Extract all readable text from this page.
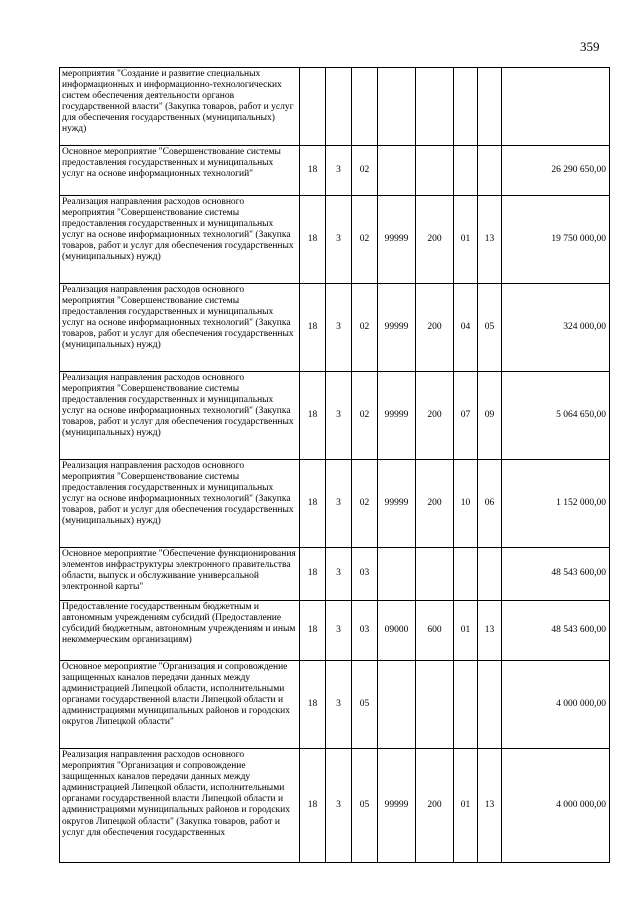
359
мероприятия "Создание и развитие специальных информационных и информационно-технологических систем обеспечения деятельности органов государственной власти" (Закупка товаров, работ и услуг для обеспечения государственных (муниципальных) нужд)								
Основное мероприятие "Совершенствование системы предоставления государственных и муниципальных услуг на основе информационных технологий"	18	3	02					26 290 650,00
Реализация направления расходов основного мероприятия "Совершенствование системы предоставления государственных и муниципальных услуг на основе информационных технологий" (Закупка товаров, работ и услуг для обеспечения государственных (муниципальных) нужд)	18	3	02	99999	200	01	13	19 750 000,00
Реализация направления расходов основного мероприятия "Совершенствование системы предоставления государственных и муниципальных услуг на основе информационных технологий" (Закупка товаров, работ и услуг для обеспечения государственных (муниципальных) нужд)	18	3	02	99999	200	04	05	324 000,00
Реализация направления расходов основного мероприятия "Совершенствование системы предоставления государственных и муниципальных услуг на основе информационных технологий" (Закупка товаров, работ и услуг для обеспечения государственных (муниципальных) нужд)	18	3	02	99999	200	07	09	5 064 650,00
Реализация направления расходов основного мероприятия "Совершенствование системы предоставления государственных и муниципальных услуг на основе информационных технологий" (Закупка товаров, работ и услуг для обеспечения государственных (муниципальных) нужд)	18	3	02	99999	200	10	06	1 152 000,00
Основное мероприятие "Обеспечение функционирования элементов инфраструктуры электронного правительства области, выпуск и обслуживание универсальной электронной карты"	18	3	03					48 543 600,00
Предоставление государственным бюджетным и автономным учреждениям субсидий (Предоставление субсидий бюджетным, автономным учреждениям и иным некоммерческим организациям)	18	3	03	09000	600	01	13	48 543 600,00
Основное мероприятие "Организация и сопровождение защищенных каналов передачи данных между администрацией Липецкой области, исполнительными органами государственной власти Липецкой области и администрациями муниципальных районов и городских округов Липецкой области"	18	3	05					4 000 000,00
Реализация направления расходов основного мероприятия "Организация и сопровождение защищенных каналов передачи данных между администрацией Липецкой области, исполнительными органами государственной власти Липецкой области и администрациями муниципальных районов и городских округов Липецкой области" (Закупка товаров, работ и услуг для обеспечения государственных	18	3	05	99999	200	01	13	4 000 000,00
